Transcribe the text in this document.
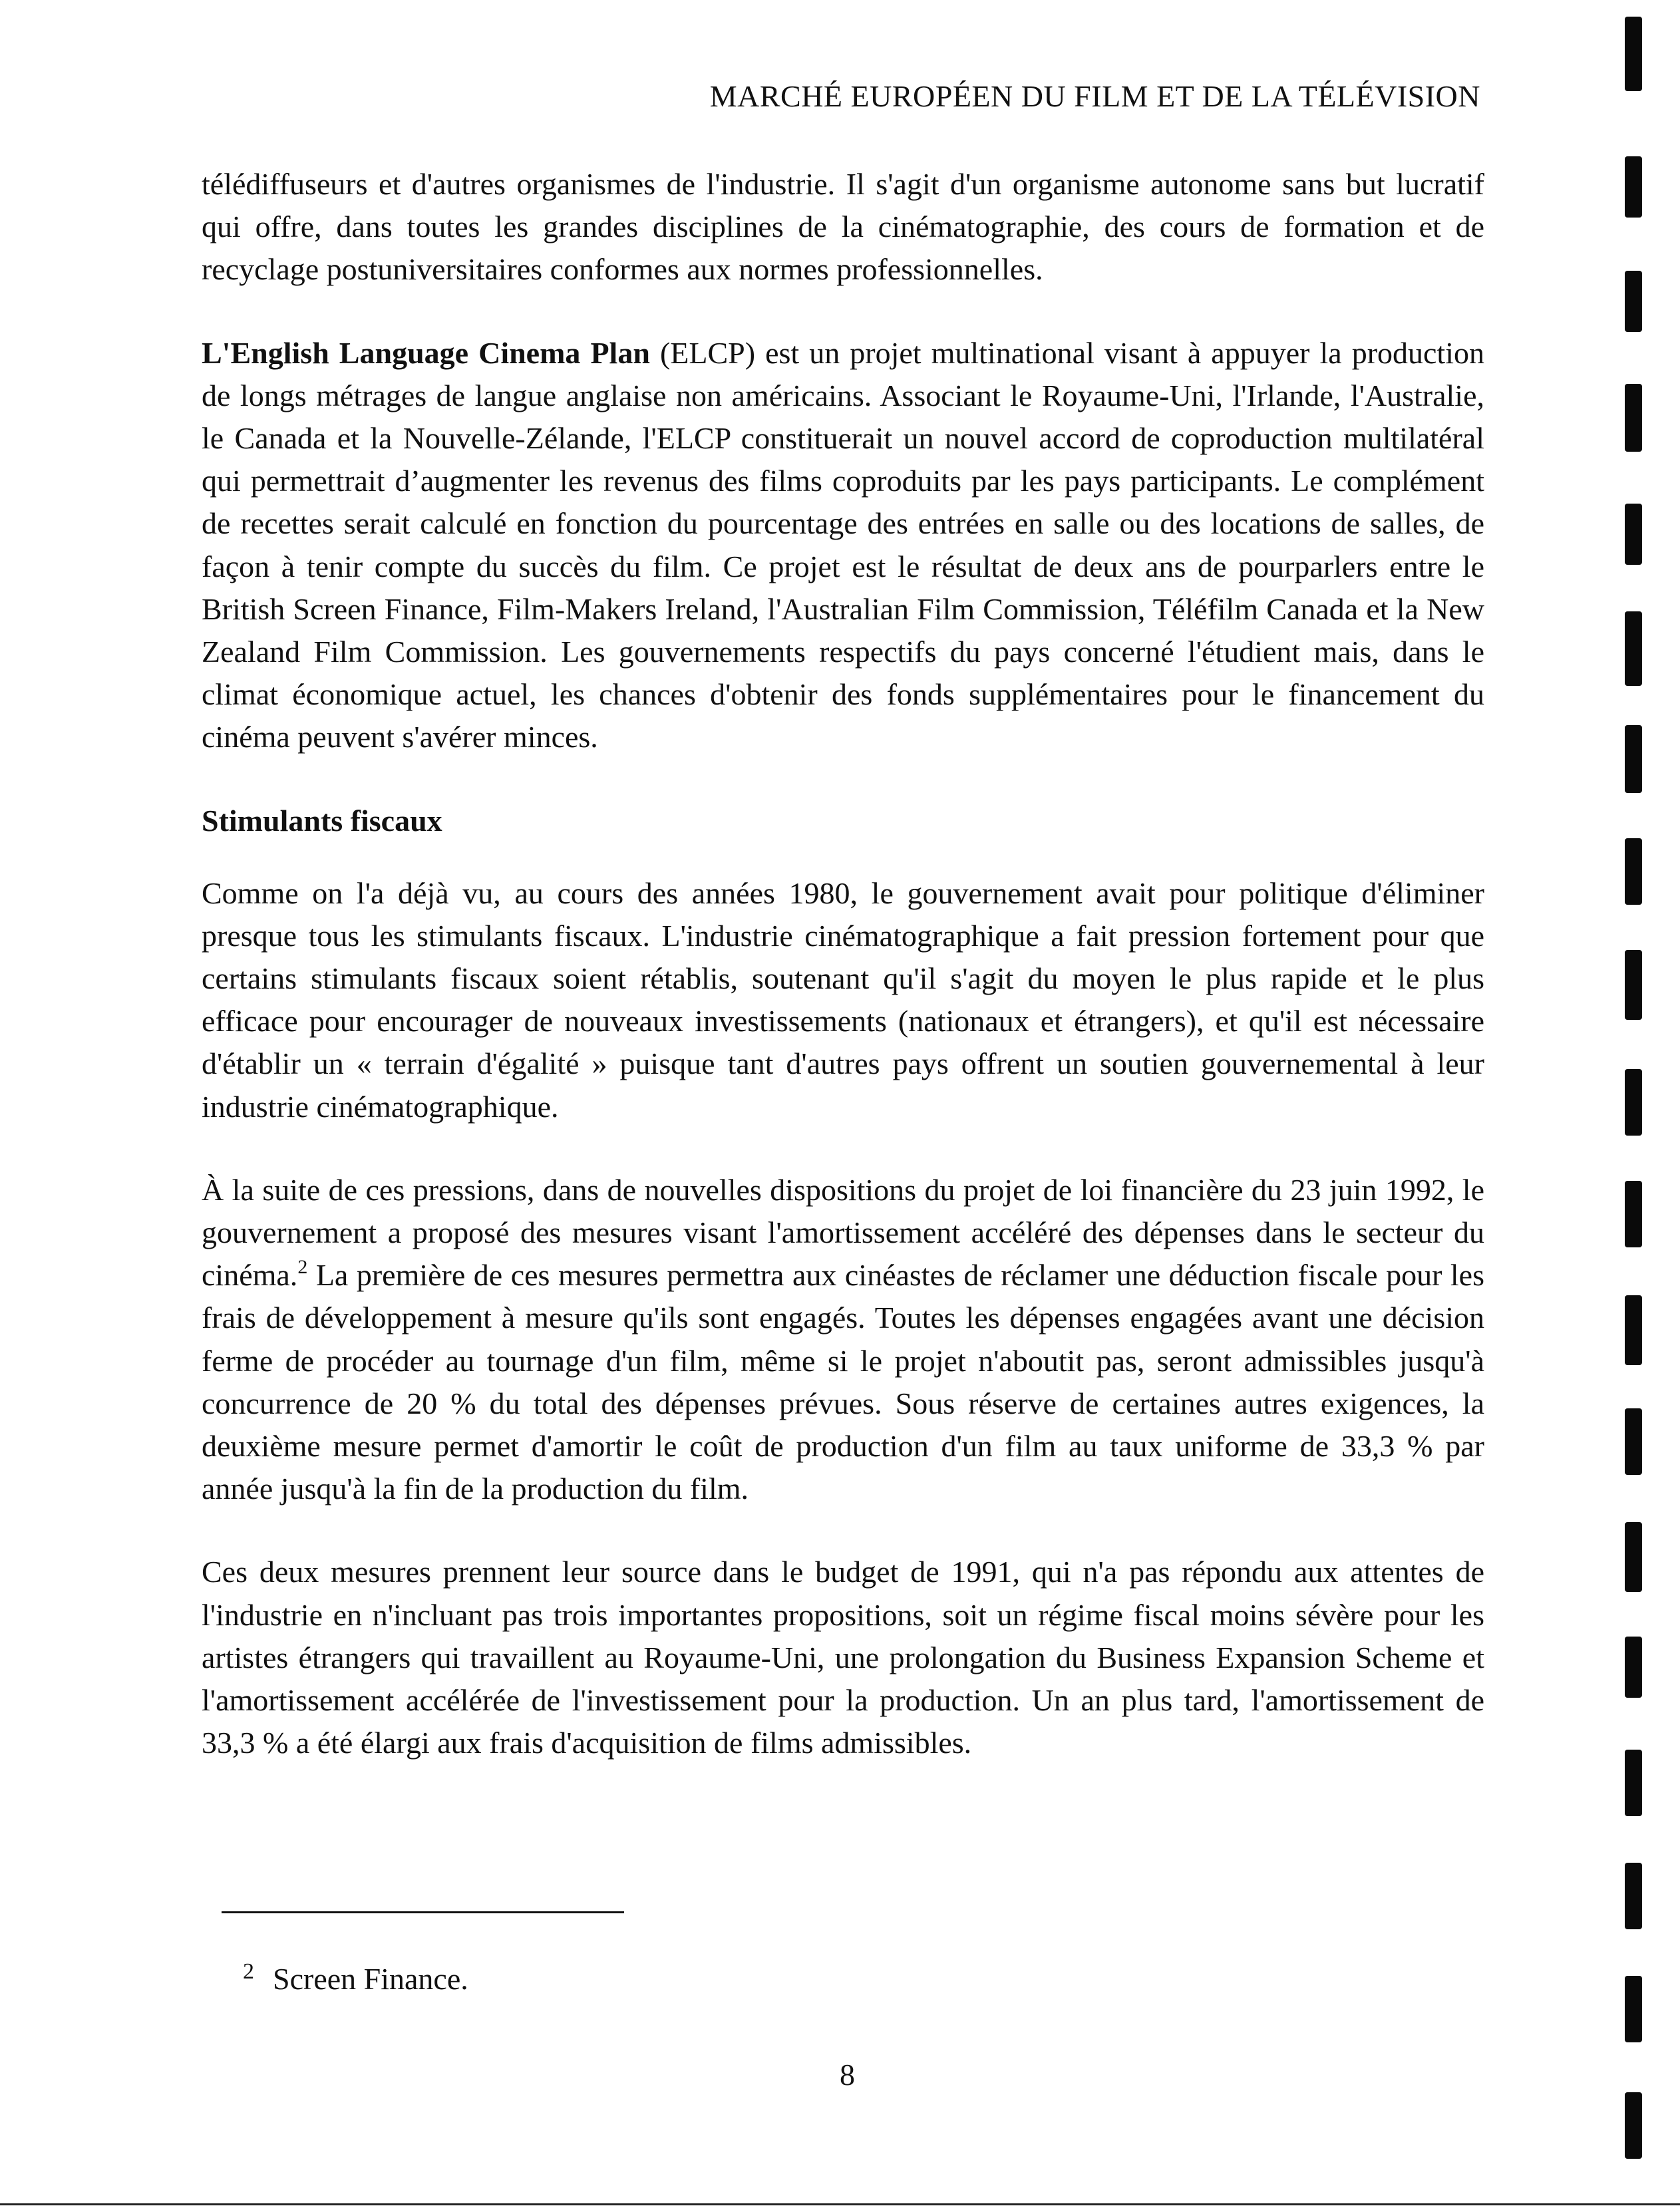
MARCHÉ EUROPÉEN DU FILM ET DE LA TÉLÉVISION

télédiffuseurs et d'autres organismes de l'industrie. Il s'agit d'un organisme autonome sans but lucratif qui offre, dans toutes les grandes disciplines de la cinématographie, des cours de formation et de recyclage postuniversitaires conformes aux normes professionnelles.

L'English Language Cinema Plan (ELCP) est un projet multinational visant à appuyer la production de longs métrages de langue anglaise non américains. Associant le Royaume-Uni, l'Irlande, l'Australie, le Canada et la Nouvelle-Zélande, l'ELCP constituerait un nouvel accord de coproduction multilatéral qui permettrait d’augmenter les revenus des films coproduits par les pays participants. Le complément de recettes serait calculé en fonction du pourcentage des entrées en salle ou des locations de salles, de façon à tenir compte du succès du film. Ce projet est le résultat de deux ans de pourparlers entre le British Screen Finance, Film-Makers Ireland, l'Australian Film Commission, Téléfilm Canada et la New Zealand Film Commission. Les gouvernements respectifs du pays concerné l'étudient mais, dans le climat économique actuel, les chances d'obtenir des fonds supplémentaires pour le financement du cinéma peuvent s'avérer minces.

Stimulants fiscaux

Comme on l'a déjà vu, au cours des années 1980, le gouvernement avait pour politique d'éliminer presque tous les stimulants fiscaux. L'industrie cinématographique a fait pression fortement pour que certains stimulants fiscaux soient rétablis, soutenant qu'il s'agit du moyen le plus rapide et le plus efficace pour encourager de nouveaux investissements (nationaux et étrangers), et qu'il est nécessaire d'établir un « terrain d'égalité » puisque tant d'autres pays offrent un soutien gouvernemental à leur industrie cinématographique.

À la suite de ces pressions, dans de nouvelles dispositions du projet de loi financière du 23 juin 1992, le gouvernement a proposé des mesures visant l'amortissement accéléré des dépenses dans le secteur du cinéma.$^2$ La première de ces mesures permettra aux cinéastes de réclamer une déduction fiscale pour les frais de développement à mesure qu'ils sont engagés. Toutes les dépenses engagées avant une décision ferme de procéder au tournage d'un film, même si le projet n'aboutit pas, seront admissibles jusqu'à concurrence de 20 % du total des dépenses prévues. Sous réserve de certaines autres exigences, la deuxième mesure permet d'amortir le coût de production d'un film au taux uniforme de 33,3 % par année jusqu'à la fin de la production du film.

Ces deux mesures prennent leur source dans le budget de 1991, qui n'a pas répondu aux attentes de l'industrie en n'incluant pas trois importantes propositions, soit un régime fiscal moins sévère pour les artistes étrangers qui travaillent au Royaume-Uni, une prolongation du Business Expansion Scheme et l'amortissement accélérée de l'investissement pour la production. Un an plus tard, l'amortissement de 33,3 % a été élargi aux frais d'acquisition de films admissibles.

$^2$ Screen Finance.
8
